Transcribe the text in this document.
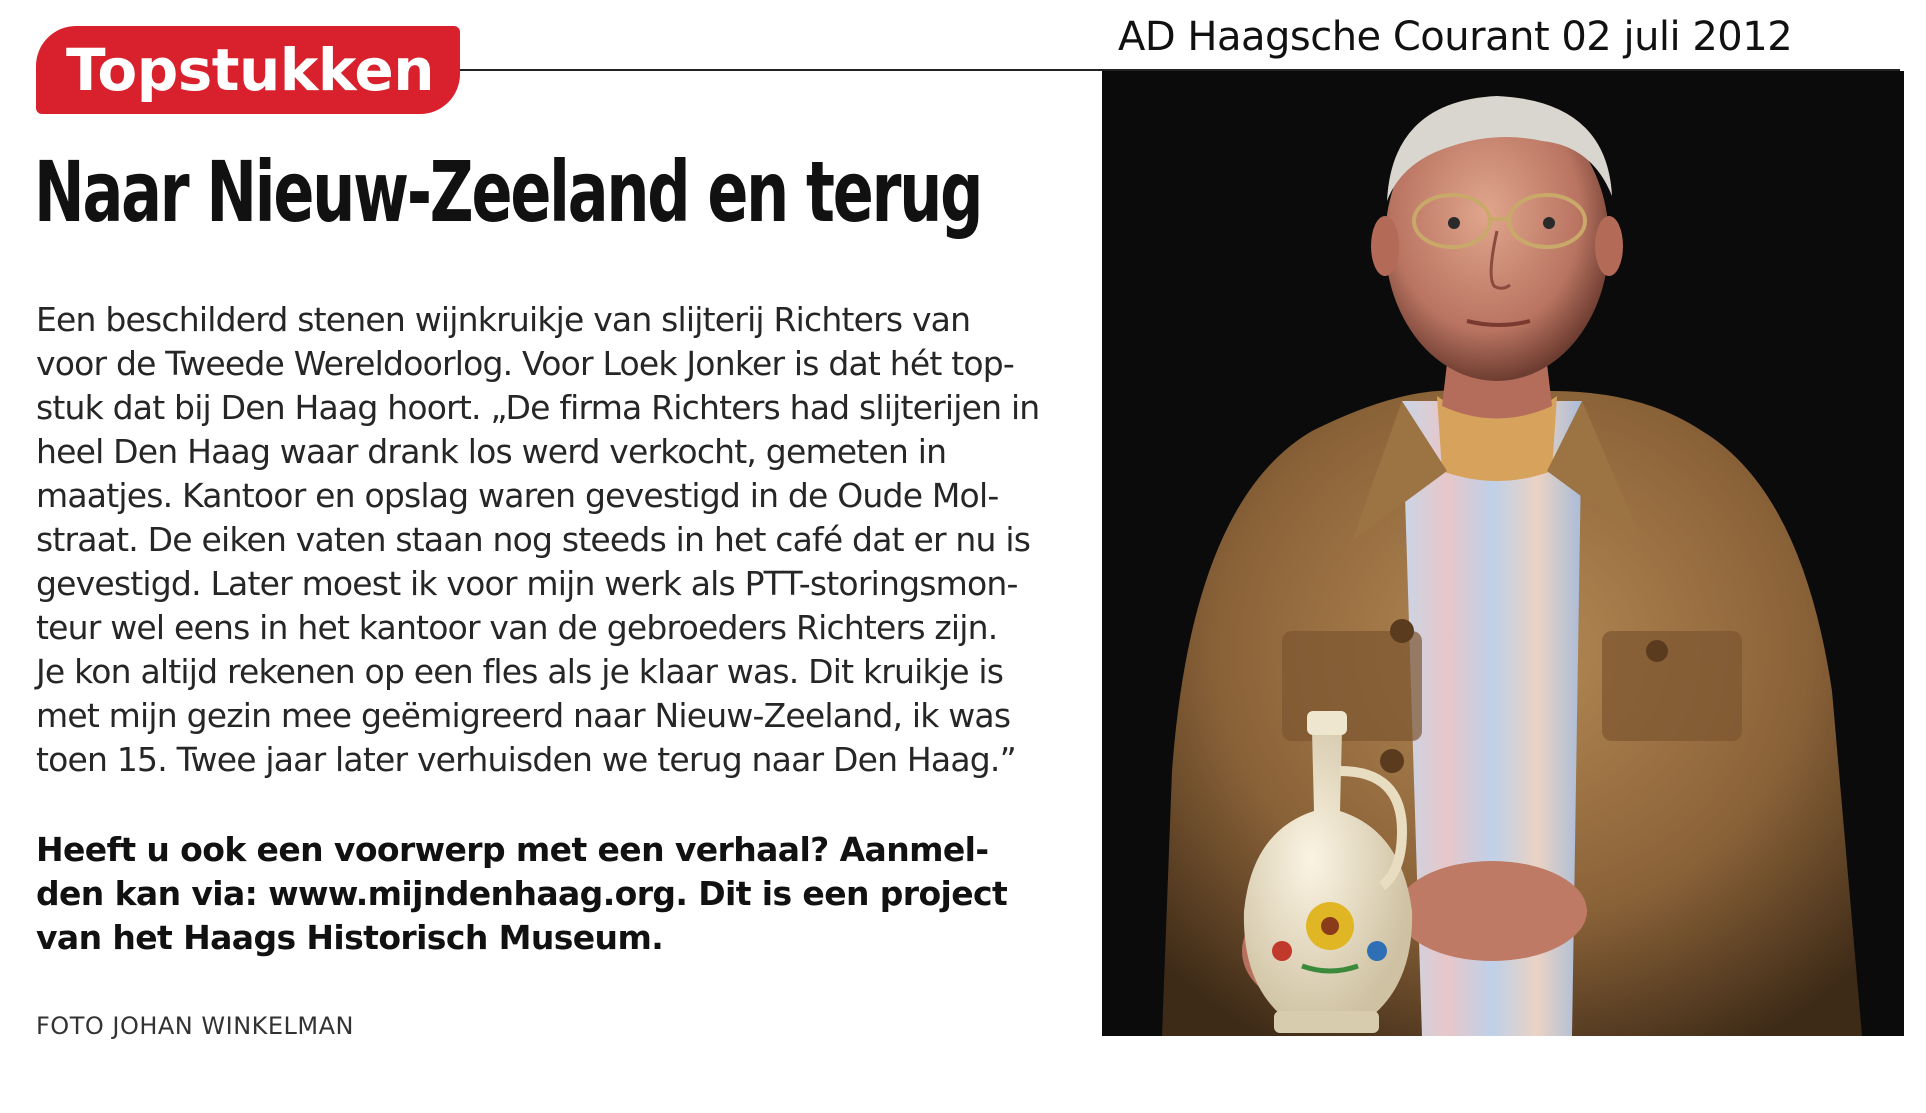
AD Haagsche Courant 02 juli 2012
Topstukken
Naar Nieuw-Zeeland en terug
Een beschilderd stenen wijnkruikje van slijterij Richters van
voor de Tweede Wereldoorlog. Voor Loek Jonker is dat hét top-
stuk dat bij Den Haag hoort. „De firma Richters had slijterijen in
heel Den Haag waar drank los werd verkocht, gemeten in
maatjes. Kantoor en opslag waren gevestigd in de Oude Mol-
straat. De eiken vaten staan nog steeds in het café dat er nu is
gevestigd. Later moest ik voor mijn werk als PTT-storingsmon-
teur wel eens in het kantoor van de gebroeders Richters zijn.
Je kon altijd rekenen op een fles als je klaar was. Dit kruikje is
met mijn gezin mee geëmigreerd naar Nieuw-Zeeland, ik was
toen 15. Twee jaar later verhuisden we terug naar Den Haag.”
Heeft u ook een voorwerp met een verhaal? Aanmel-
den kan via: www.mijndenhaag.org. Dit is een project
van het Haags Historisch Museum.
FOTO JOHAN WINKELMAN
